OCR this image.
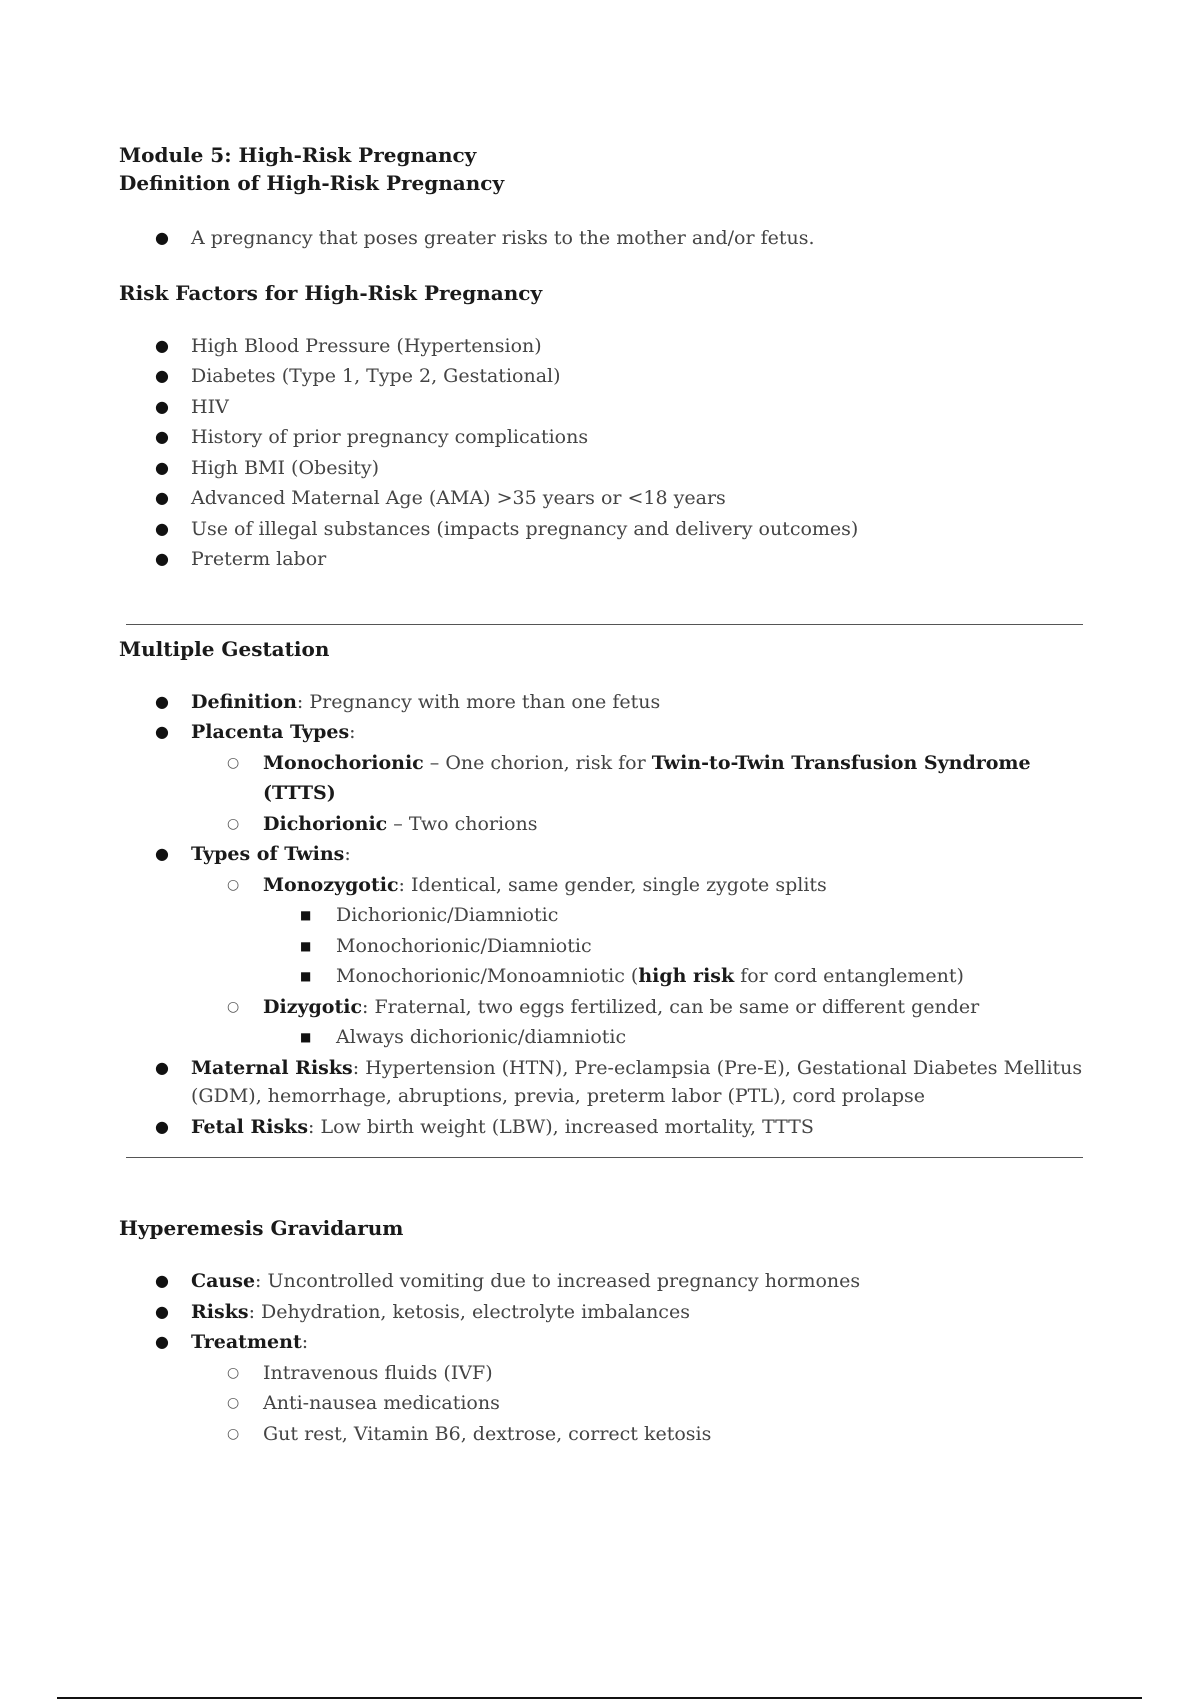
Module 5: High-Risk Pregnancy

Definition of High-Risk Pregnancy

● A pregnancy that poses greater risks to the mother and/or fetus.

Risk Factors for High-Risk Pregnancy

● High Blood Pressure (Hypertension)
● Diabetes (Type 1, Type 2, Gestational)
● HIV
● History of prior pregnancy complications
● High BMI (Obesity)
● Advanced Maternal Age (AMA) >35 years or <18 years
● Use of illegal substances (impacts pregnancy and delivery outcomes)
● Preterm labor

Multiple Gestation

● Definition: Pregnancy with more than one fetus
● Placenta Types:
○ Monochorionic – One chorion, risk for Twin-to-Twin Transfusion Syndrome (TTTS)
○ Dichorionic – Two chorions
● Types of Twins:
○ Monozygotic: Identical, same gender, single zygote splits
■ Dichorionic/Diamniotic
■ Monochorionic/Diamniotic
■ Monochorionic/Monoamniotic (high risk for cord entanglement)
○ Dizygotic: Fraternal, two eggs fertilized, can be same or different gender
■ Always dichorionic/diamniotic
● Maternal Risks: Hypertension (HTN), Pre-eclampsia (Pre-E), Gestational Diabetes Mellitus (GDM), hemorrhage, abruptions, previa, preterm labor (PTL), cord prolapse
● Fetal Risks: Low birth weight (LBW), increased mortality, TTTS

Hyperemesis Gravidarum

● Cause: Uncontrolled vomiting due to increased pregnancy hormones
● Risks: Dehydration, ketosis, electrolyte imbalances
● Treatment:
○ Intravenous fluids (IVF)
○ Anti-nausea medications
○ Gut rest, Vitamin B6, dextrose, correct ketosis
